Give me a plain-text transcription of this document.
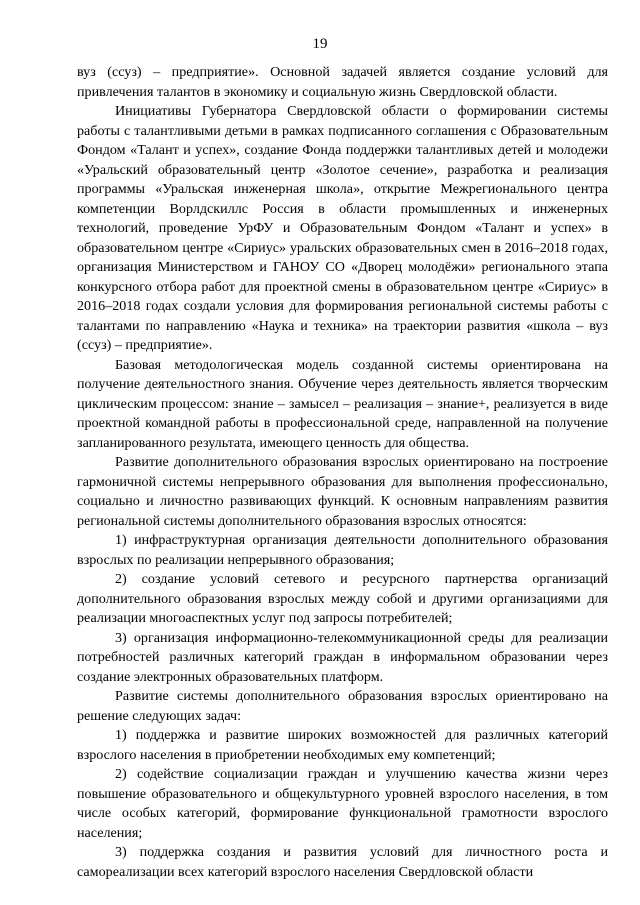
19

вуз (ссуз) – предприятие». Основной задачей является создание условий для привлечения талантов в экономику и социальную жизнь Свердловской области.

Инициативы Губернатора Свердловской области о формировании системы работы с талантливыми детьми в рамках подписанного соглашения с Образовательным Фондом «Талант и успех», создание Фонда поддержки талантливых детей и молодежи «Уральский образовательный центр «Золотое сечение», разработка и реализация программы «Уральская инженерная школа», открытие Межрегионального центра компетенции Ворлдскиллс Россия в области промышленных и инженерных технологий, проведение УрФУ и Образовательным Фондом «Талант и успех» в образовательном центре «Сириус» уральских образовательных смен в 2016–2018 годах, организация Министерством и ГАНОУ СО «Дворец молодёжи» регионального этапа конкурсного отбора работ для проектной смены в образовательном центре «Сириус» в 2016–2018 годах создали условия для формирования региональной системы работы с талантами по направлению «Наука и техника» на траектории развития «школа – вуз (ссуз) – предприятие».

Базовая методологическая модель созданной системы ориентирована на получение деятельностного знания. Обучение через деятельность является творческим циклическим процессом: знание – замысел – реализация – знание+, реализуется в виде проектной командной работы в профессиональной среде, направленной на получение запланированного результата, имеющего ценность для общества.

Развитие дополнительного образования взрослых ориентировано на построение гармоничной системы непрерывного образования для выполнения профессионально, социально и личностно развивающих функций. К основным направлениям развития региональной системы дополнительного образования взрослых относятся:

1) инфраструктурная организация деятельности дополнительного образования взрослых по реализации непрерывного образования;

2) создание условий сетевого и ресурсного партнерства организаций дополнительного образования взрослых между собой и другими организациями для реализации многоаспектных услуг под запросы потребителей;

3) организация информационно-телекоммуникационной среды для реализации потребностей различных категорий граждан в информальном образовании через создание электронных образовательных платформ.

Развитие системы дополнительного образования взрослых ориентировано на решение следующих задач:

1) поддержка и развитие широких возможностей для различных категорий взрослого населения в приобретении необходимых ему компетенций;

2) содействие социализации граждан и улучшению качества жизни через повышение образовательного и общекультурного уровней взрослого населения, в том числе особых категорий, формирование функциональной грамотности взрослого населения;

3) поддержка создания и развития условий для личностного роста и самореализации всех категорий взрослого населения Свердловской области
